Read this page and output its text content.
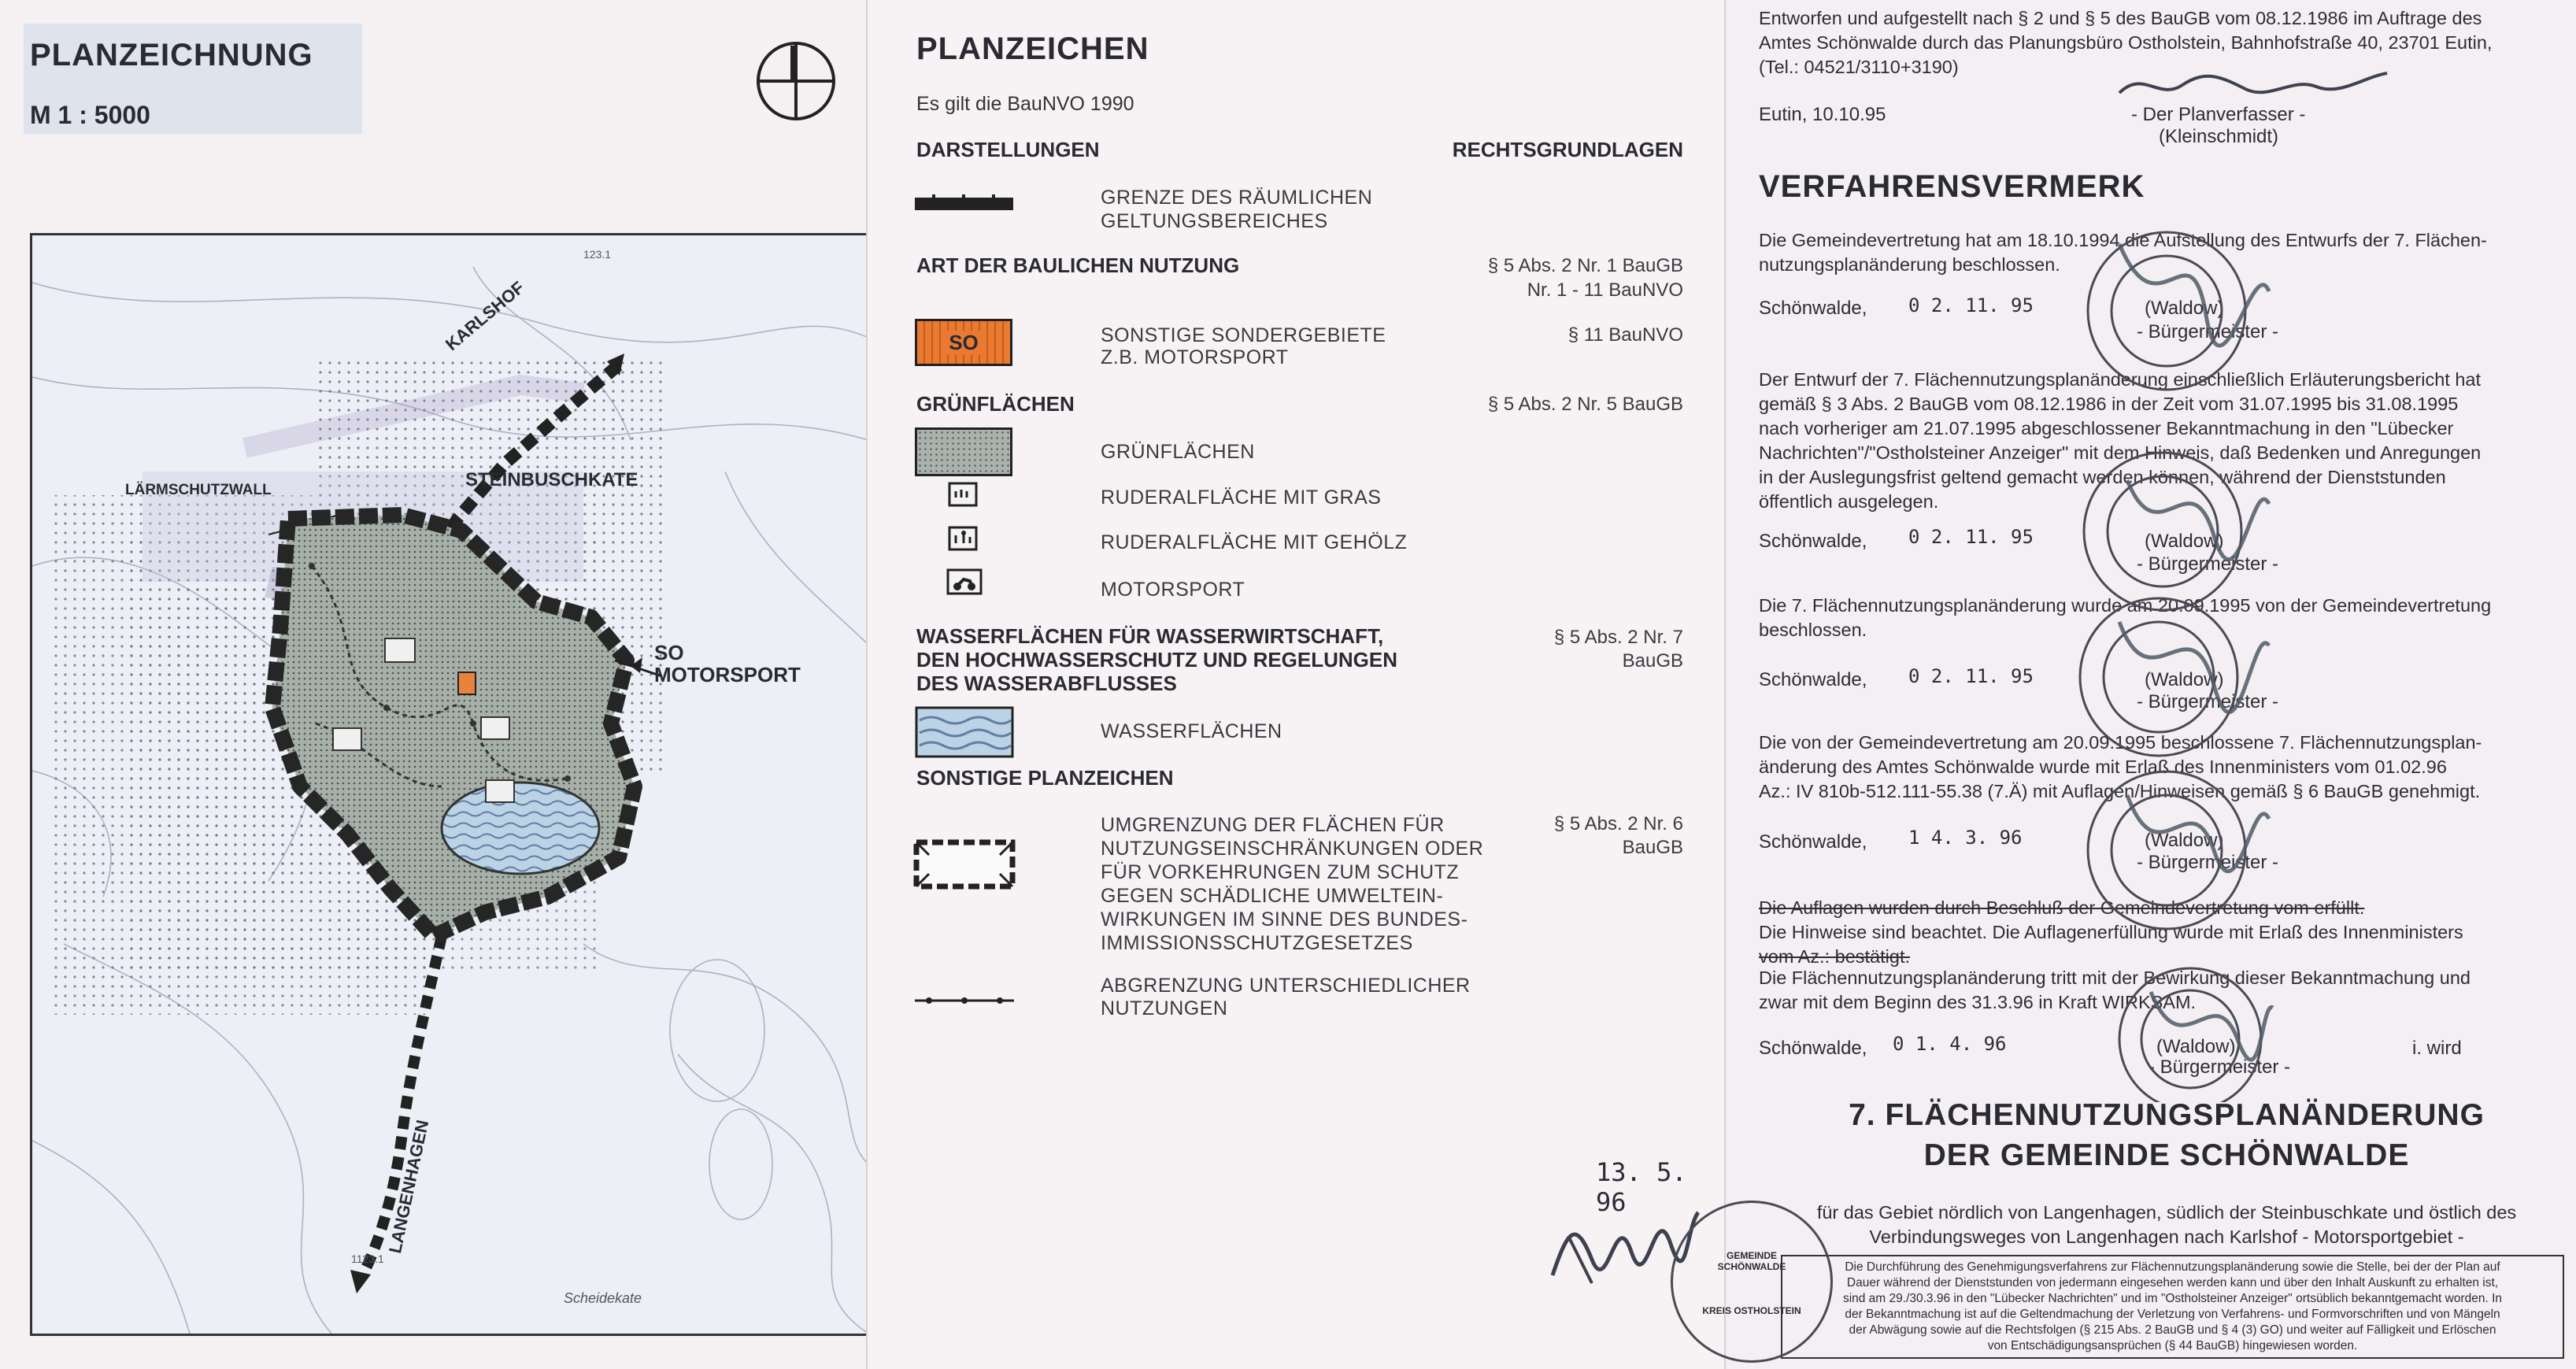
PLANZEICHNUNG
M 1 : 5000
KARLSHOF
STEINBUSCHKATE
LÄRMSCHUTZWALL
SO
MOTORSPORT
LANGENHAGEN
Scheidekate
123.1
1123.1
PLANZEICHEN
Es gilt die BauNVO 1990
DARSTELLUNGEN	RECHTSGRUNDLAGEN
GRENZE DES RÄUMLICHEN GELTUNGSBEREICHES
ART DER BAULICHEN NUTZUNG	§ 5 Abs. 2 Nr. 1 BauGB
Nr. 1 - 11 BauNVO
SO	SONSTIGE SONDERGEBIETE
Z.B. MOTORSPORT
§ 11 BauNVO
GRÜNFLÄCHEN	§ 5 Abs. 2 Nr. 5 BauGB
GRÜNFLÄCHEN
RUDERALFLÄCHE MIT GRAS
RUDERALFLÄCHE MIT GEHÖLZ
MOTORSPORT
WASSERFLÄCHEN FÜR WASSERWIRTSCHAFT,
DEN HOCHWASSERSCHUTZ UND REGELUNGEN
DES WASSERABFLUSSES
§ 5 Abs. 2 Nr. 7
BauGB
WASSERFLÄCHEN
SONSTIGE PLANZEICHEN
UMGRENZUNG DER FLÄCHEN FÜR
NUTZUNGSEINSCHRÄNKUNGEN ODER
FÜR VORKEHRUNGEN ZUM SCHUTZ
GEGEN SCHÄDLICHE UMWELTEIN-
WIRKUNGEN IM SINNE DES BUNDES-
IMMISSIONSSCHUTZGESETZES
§ 5 Abs. 2 Nr. 6
BauGB
ABGRENZUNG UNTERSCHIEDLICHER
NUTZUNGEN
13. 5. 96
Entworfen und aufgestellt nach § 2 und § 5 des BauGB vom 08.12.1986 im Auftrage des
Amtes Schönwalde durch das Planungsbüro Ostholstein, Bahnhofstraße 40, 23701 Eutin,
(Tel.: 04521/3110+3190)
Eutin, 10.10.95	- Der Planverfasser -
(Kleinschmidt)
VERFAHRENSVERMERK
Die Gemeindevertretung hat am 18.10.1994 die Aufstellung des Entwurfs der 7. Flächen-
nutzungsplanänderung beschlossen.
Schönwalde, 0 2. 11. 95	(Waldow)
- Bürgermeister -
Der Entwurf der 7. Flächennutzungsplanänderung einschließlich Erläuterungsbericht hat
gemäß § 3 Abs. 2 BauGB vom 08.12.1986 in der Zeit vom 31.07.1995 bis 31.08.1995
nach vorheriger am 21.07.1995 abgeschlossener Bekanntmachung in den "Lübecker
Nachrichten"/"Ostholsteiner Anzeiger" mit dem Hinweis, daß Bedenken und Anregungen
in der Auslegungsfrist geltend gemacht werden können, während der Dienststunden
öffentlich ausgelegen.
Schönwalde, 0 2. 11. 95	(Waldow)
- Bürgermeister -
Die 7. Flächennutzungsplanänderung wurde am 20.09.1995 von der Gemeindevertretung
beschlossen.
Schönwalde, 0 2. 11. 95	(Waldow)
- Bürgermeister -
Die von der Gemeindevertretung am 20.09.1995 beschlossene 7. Flächennutzungsplan-
änderung des Amtes Schönwalde wurde mit Erlaß des Innenministers vom 01.02.96
Az.: IV 810b-512.111-55.38 (7.Ä) mit Auflagen/Hinweisen gemäß § 6 BauGB genehmigt.
Schönwalde, 1 4. 3. 96	(Waldow)
- Bürgermeister -
Die Auflagen wurden durch Beschluß der Gemeindevertretung vom erfüllt.
Die Hinweise sind beachtet. Die Auflagenerfüllung wurde mit Erlaß des Innenministers
vom Az.: bestätigt.
Die Flächennutzungsplanänderung tritt mit der Bewirkung dieser Bekanntmachung und
zwar mit dem Beginn des 31.3.96 in Kraft WIRKSAM.
Schönwalde, 0 1. 4. 96	(Waldow)
- Bürgermeister -
i. wird
7. FLÄCHENNUTZUNGSPLANÄNDERUNG
DER GEMEINDE SCHÖNWALDE
für das Gebiet nördlich von Langenhagen, südlich der Steinbuschkate und östlich des
Verbindungsweges von Langenhagen nach Karlshof - Motorsportgebiet -
Die Durchführung des Genehmigungsverfahrens zur Flächennutzungsplanänderung sowie die Stelle, bei der der Plan auf
Dauer während der Dienststunden von jedermann eingesehen werden kann und über den Inhalt Auskunft zu erhalten ist,
sind am 29./30.3.96 in den "Lübecker Nachrichten" und im "Ostholsteiner Anzeiger" ortsüblich bekanntgemacht worden. In
der Bekanntmachung ist auf die Geltendmachung der Verletzung von Verfahrens- und Formvorschriften und von Mängeln
der Abwägung sowie auf die Rechtsfolgen (§ 215 Abs. 2 BauGB und § 4 (3) GO) und weiter auf Fälligkeit und Erlöschen
von Entschädigungsansprüchen (§ 44 BauGB) hingewiesen worden.
GEMEINDE SCHÖNWALDE
KREIS OSTHOLSTEIN
